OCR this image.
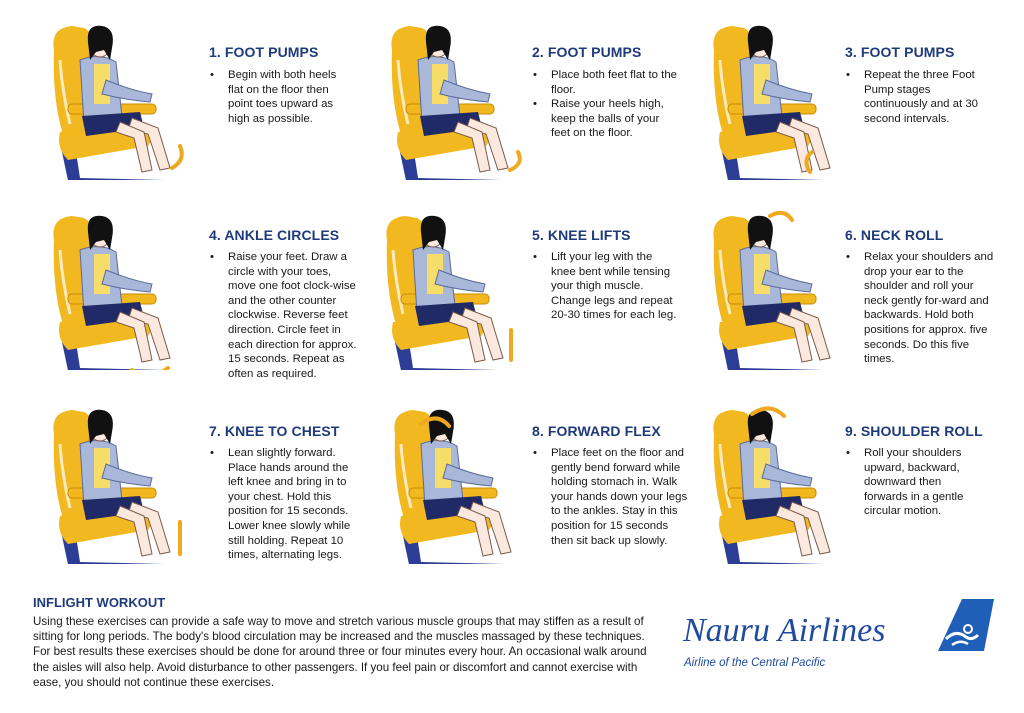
1. FOOT PUMPS
• Begin with both heels flat on the floor then point toes upward as high as possible.
2. FOOT PUMPS
• Place both feet flat to the floor.
• Raise your heels high, keep the balls of your feet on the floor.
3. FOOT PUMPS
• Repeat the three Foot Pump stages continuously and at 30 second intervals.
4. ANKLE CIRCLES
• Raise your feet. Draw a circle with your toes, move one foot clock-wise and the other counter clockwise. Reverse feet direction. Circle feet in each direction for approx. 15 seconds. Repeat as often as required.
5. KNEE LIFTS
• Lift your leg with the knee bent while tensing your thigh muscle. Change legs and repeat 20-30 times for each leg.
6. NECK ROLL
• Relax your shoulders and drop your ear to the shoulder and roll your neck gently for-ward and backwards. Hold both positions for approx. five seconds. Do this five times.
7. KNEE TO CHEST
• Lean slightly forward. Place hands around the left knee and bring in to your chest. Hold this position for 15 seconds. Lower knee slowly while still holding. Repeat 10 times, alternating legs.
8. FORWARD FLEX
• Place feet on the floor and gently bend forward while holding stomach in. Walk your hands down your legs to the ankles. Stay in this position for 15 seconds then sit back up slowly.
9. SHOULDER ROLL
• Roll your shoulders upward, backward, downward then forwards in a gentle circular motion.
INFLIGHT WORKOUT
Using these exercises can provide a safe way to move and stretch various muscle groups that may stiffen as a result of sitting for long periods. The body's blood circulation may be increased and the muscles massaged by these techniques. For best results these exercises should be done for around three or four minutes every hour. An occasional walk around the aisles will also help. Avoid disturbance to other passengers. If you feel pain or discomfort and cannot exercise with ease, you should not continue these exercises.
Nauru Airlines
Airline of the Central Pacific
